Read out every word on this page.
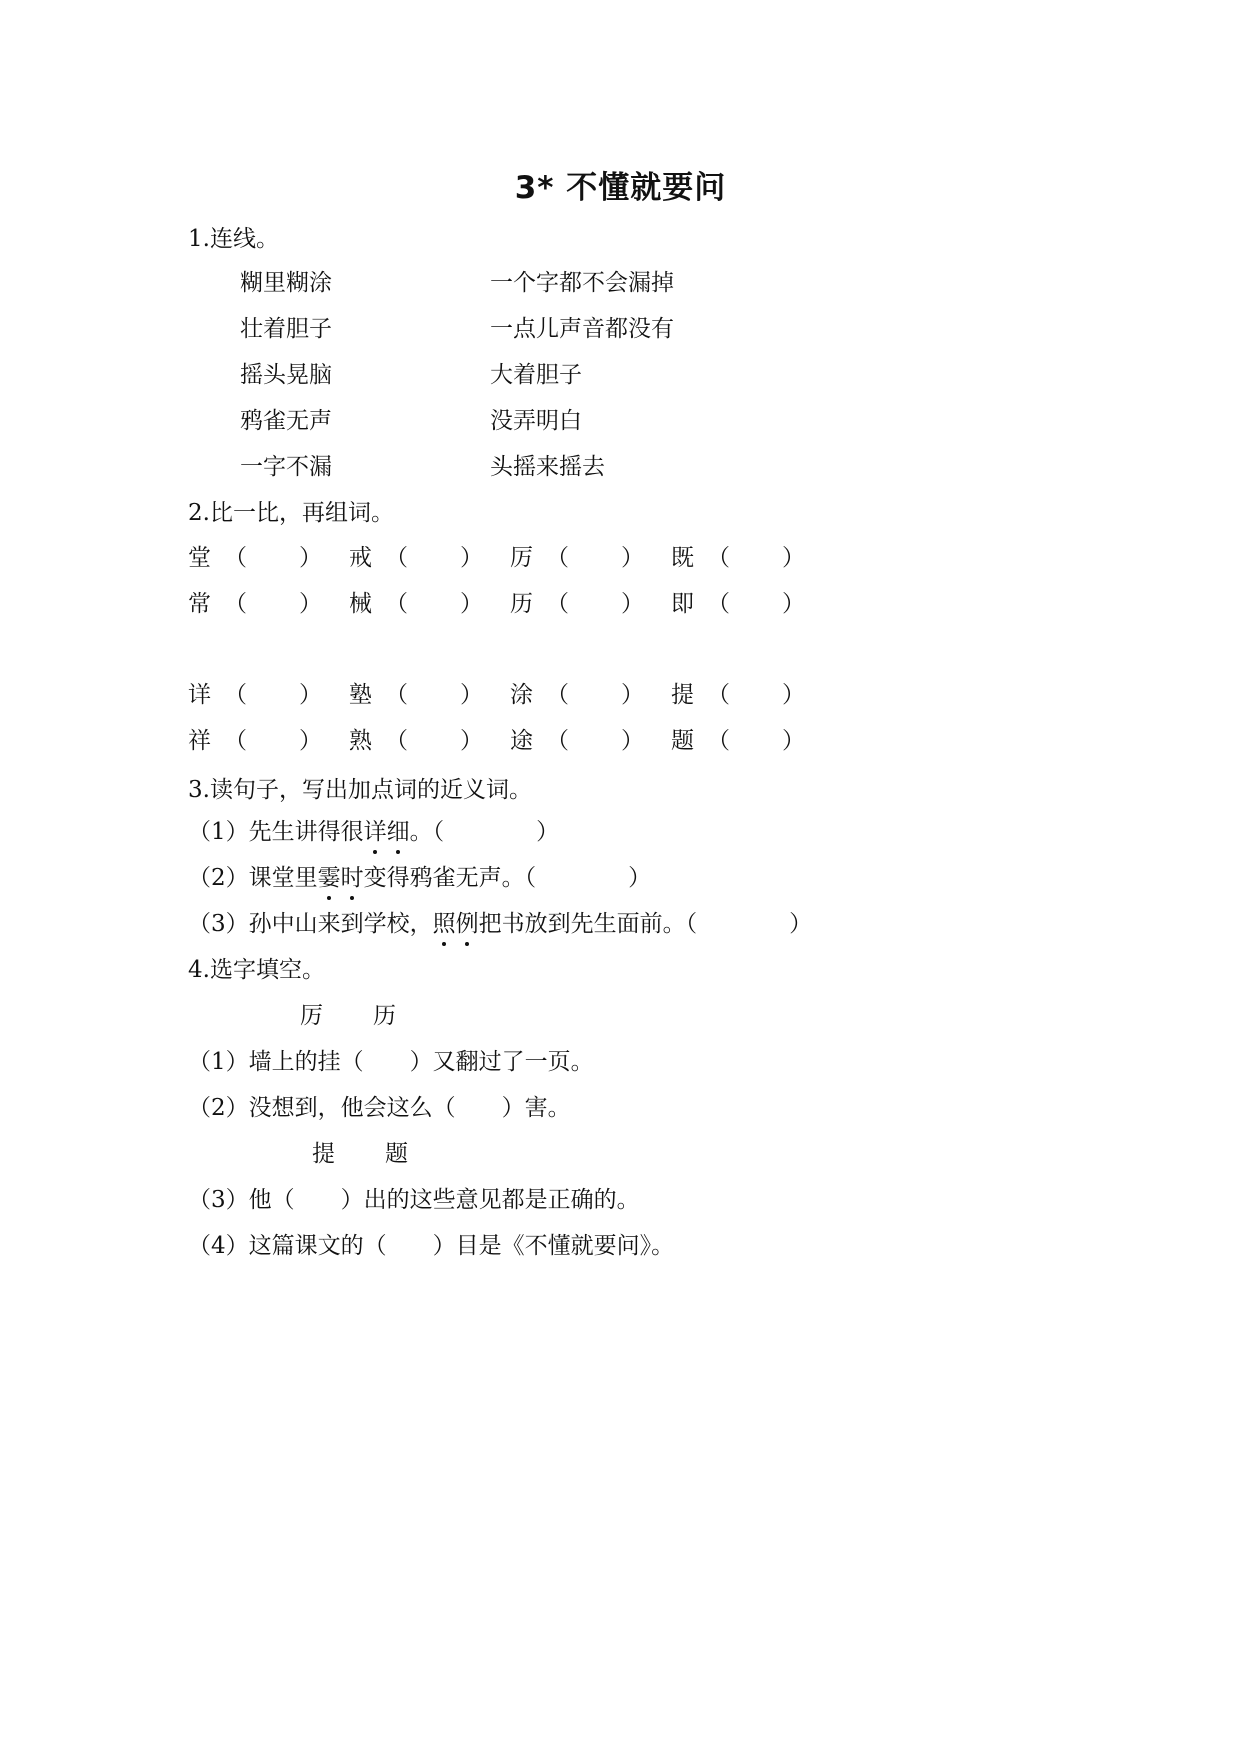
3* 不懂就要问
1.连线。
糊里糊涂
壮着胆子
摇头晃脑
鸦雀无声
一字不漏
一个字都不会漏掉
一点儿声音都没有
大着胆子
没弄明白
头摇来摇去
2.比一比，再组词。
堂 （ ） 戒 （ ） 厉 （ ） 既 （ ）
常 （ ） 械 （ ） 历 （ ） 即 （ ）
详 （ ） 塾 （ ） 涂 （ ） 提 （ ）
祥 （ ） 熟 （ ） 途 （ ） 题 （ ）
3.读句子，写出加点词的近义词。
（1）先生讲得很详细。（　　　　）
（2）课堂里霎时变得鸦雀无声。（　　　　）
（3）孙中山来到学校，照例把书放到先生面前。（　　　　）
4.选字填空。
厉 历
（1）墙上的挂（　　）又翻过了一页。
（2）没想到，他会这么（　　）害。
提 题
（3）他（　　）出的这些意见都是正确的。
（4）这篇课文的（　　）目是《不懂就要问》。
